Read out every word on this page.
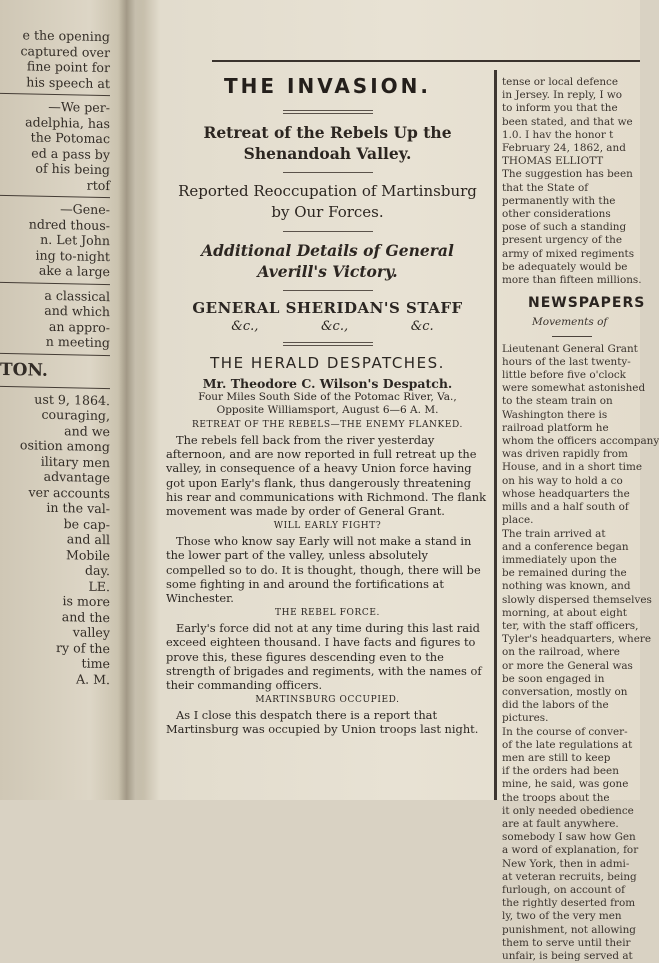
e the opening
captured over
fine point for
his speech at
—We per-
adelphia, has
the Potomac
ed a pass by
of his being
rtof
—Gene-
ndred thous-
n. Let John
ing to-night
ake a large
a classical
and which
an appro-
n meeting
TON.
ust 9, 1864.
couraging,
and we
osition among
ilitary men
advantage
ver accounts
in the val-
be cap-
and all
Mobile
day.
LE.
is more
and the
valley
ry of the
time
A. M.
THE INVASION.
Retreat of the Rebels Up the Shenandoah Valley.
Reported Reoccupation of Martinsburg by Our Forces.
Additional Details of General Averill's Victory.
GENERAL SHERIDAN'S STAFF
&c.,	&c.,	&c.
THE HERALD DESPATCHES.
Mr. Theodore C. Wilson's Despatch.
Four Miles South Side of the Potomac River, Va.,
Opposite Williamsport, August 6—6 A. M.
RETREAT OF THE REBELS—THE ENEMY FLANKED.
The rebels fell back from the river yesterday afternoon, and are now reported in full retreat up the valley, in consequence of a heavy Union force having got upon Early's flank, thus dangerously threatening his rear and communications with Richmond. The flank movement was made by order of General Grant.
WILL EARLY FIGHT?
Those who know say Early will not make a stand in the lower part of the valley, unless absolutely compelled so to do. It is thought, though, there will be some fighting in and around the fortifications at Winchester.
THE REBEL FORCE.
Early's force did not at any time during this last raid exceed eighteen thousand. I have facts and figures to prove this, these figures descending even to the strength of brigades and regiments, with the names of their commanding officers.
MARTINSBURG OCCUPIED.
As I close this despatch there is a report that Martinsburg was occupied by Union troops last night.
tense or local defence
in Jersey. In reply, I wo
to inform you that the
been stated, and that we
1.0. I hav the honor t
February 24, 1862, and
THOMAS ELLIOTT
The suggestion has been
that the State of
permanently with the
other considerations
pose of such a standing
present urgency of the
army of mixed regiments
be adequately would be
more than fifteen millions.
NEWSPAPERS
Movements of
Lieutenant General Grant
hours of the last twenty-
little before five o'clock
were somewhat astonished
to the steam train on
Washington there is
railroad platform he
whom the officers accompany
was driven rapidly from
House, and in a short time
on his way to hold a co
whose headquarters the
mills and a half south of
place.
The train arrived at
and a conference began
immediately upon the
be remained during the
nothing was known, and
slowly dispersed themselves
morning, at about eight
ter, with the staff officers,
Tyler's headquarters, where
on the railroad, where
or more the General was
be soon engaged in
conversation, mostly on
did the labors of the
pictures.
In the course of conver-
of the late regulations at
men are still to keep
if the orders had been
mine, he said, was gone
the troops about the
it only needed obedience
are at fault anywhere.
somebody I saw how Gen
a word of explanation, for
New York, then in admi-
at veteran recruits, being
furlough, on account of
the rightly deserted from
ly, two of the very men
punishment, not allowing
them to serve until their
unfair, is being served at
